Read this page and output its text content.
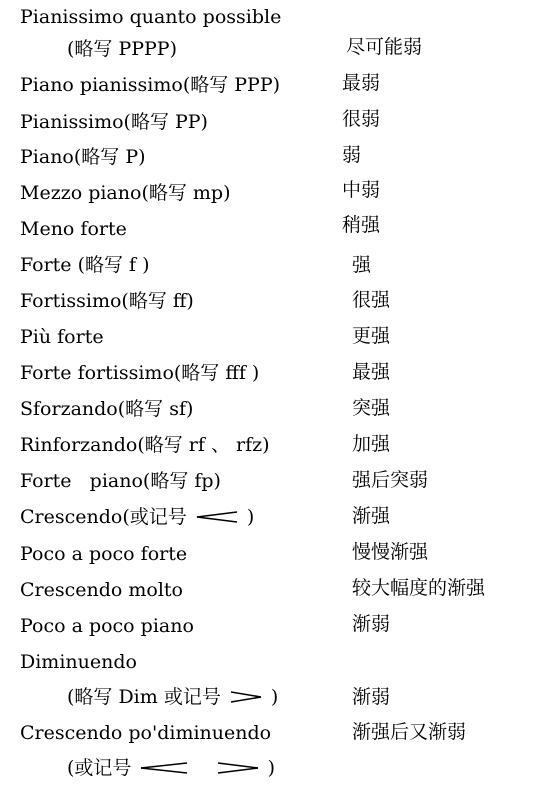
Pianissimo quanto possible
(略写 PPPP)	尽可能弱
Piano pianissimo(略写 PPP)	最弱
Pianissimo(略写 PP)	很弱
Piano(略写 P)	弱
Mezzo piano(略写 mp)	中弱
Meno forte	稍强
Forte (略写 f )	强
Fortissimo(略写 ff)	很强
Più forte	更强
Forte fortissimo(略写 fff )	最强
Sforzando(略写 sf)	突强
Rinforzando(略写 rf 、 rfz)	加强
Forte   piano(略写 fp)	强后突弱
Crescendo(或记号	)	渐强
Poco a poco forte	慢慢渐强
Crescendo molto	较大幅度的渐强
Poco a poco piano	渐弱
Diminuendo
(略写 Dim 或记号	)	渐弱
Crescendo po'diminuendo	渐强后又渐弱
(或记号	)
